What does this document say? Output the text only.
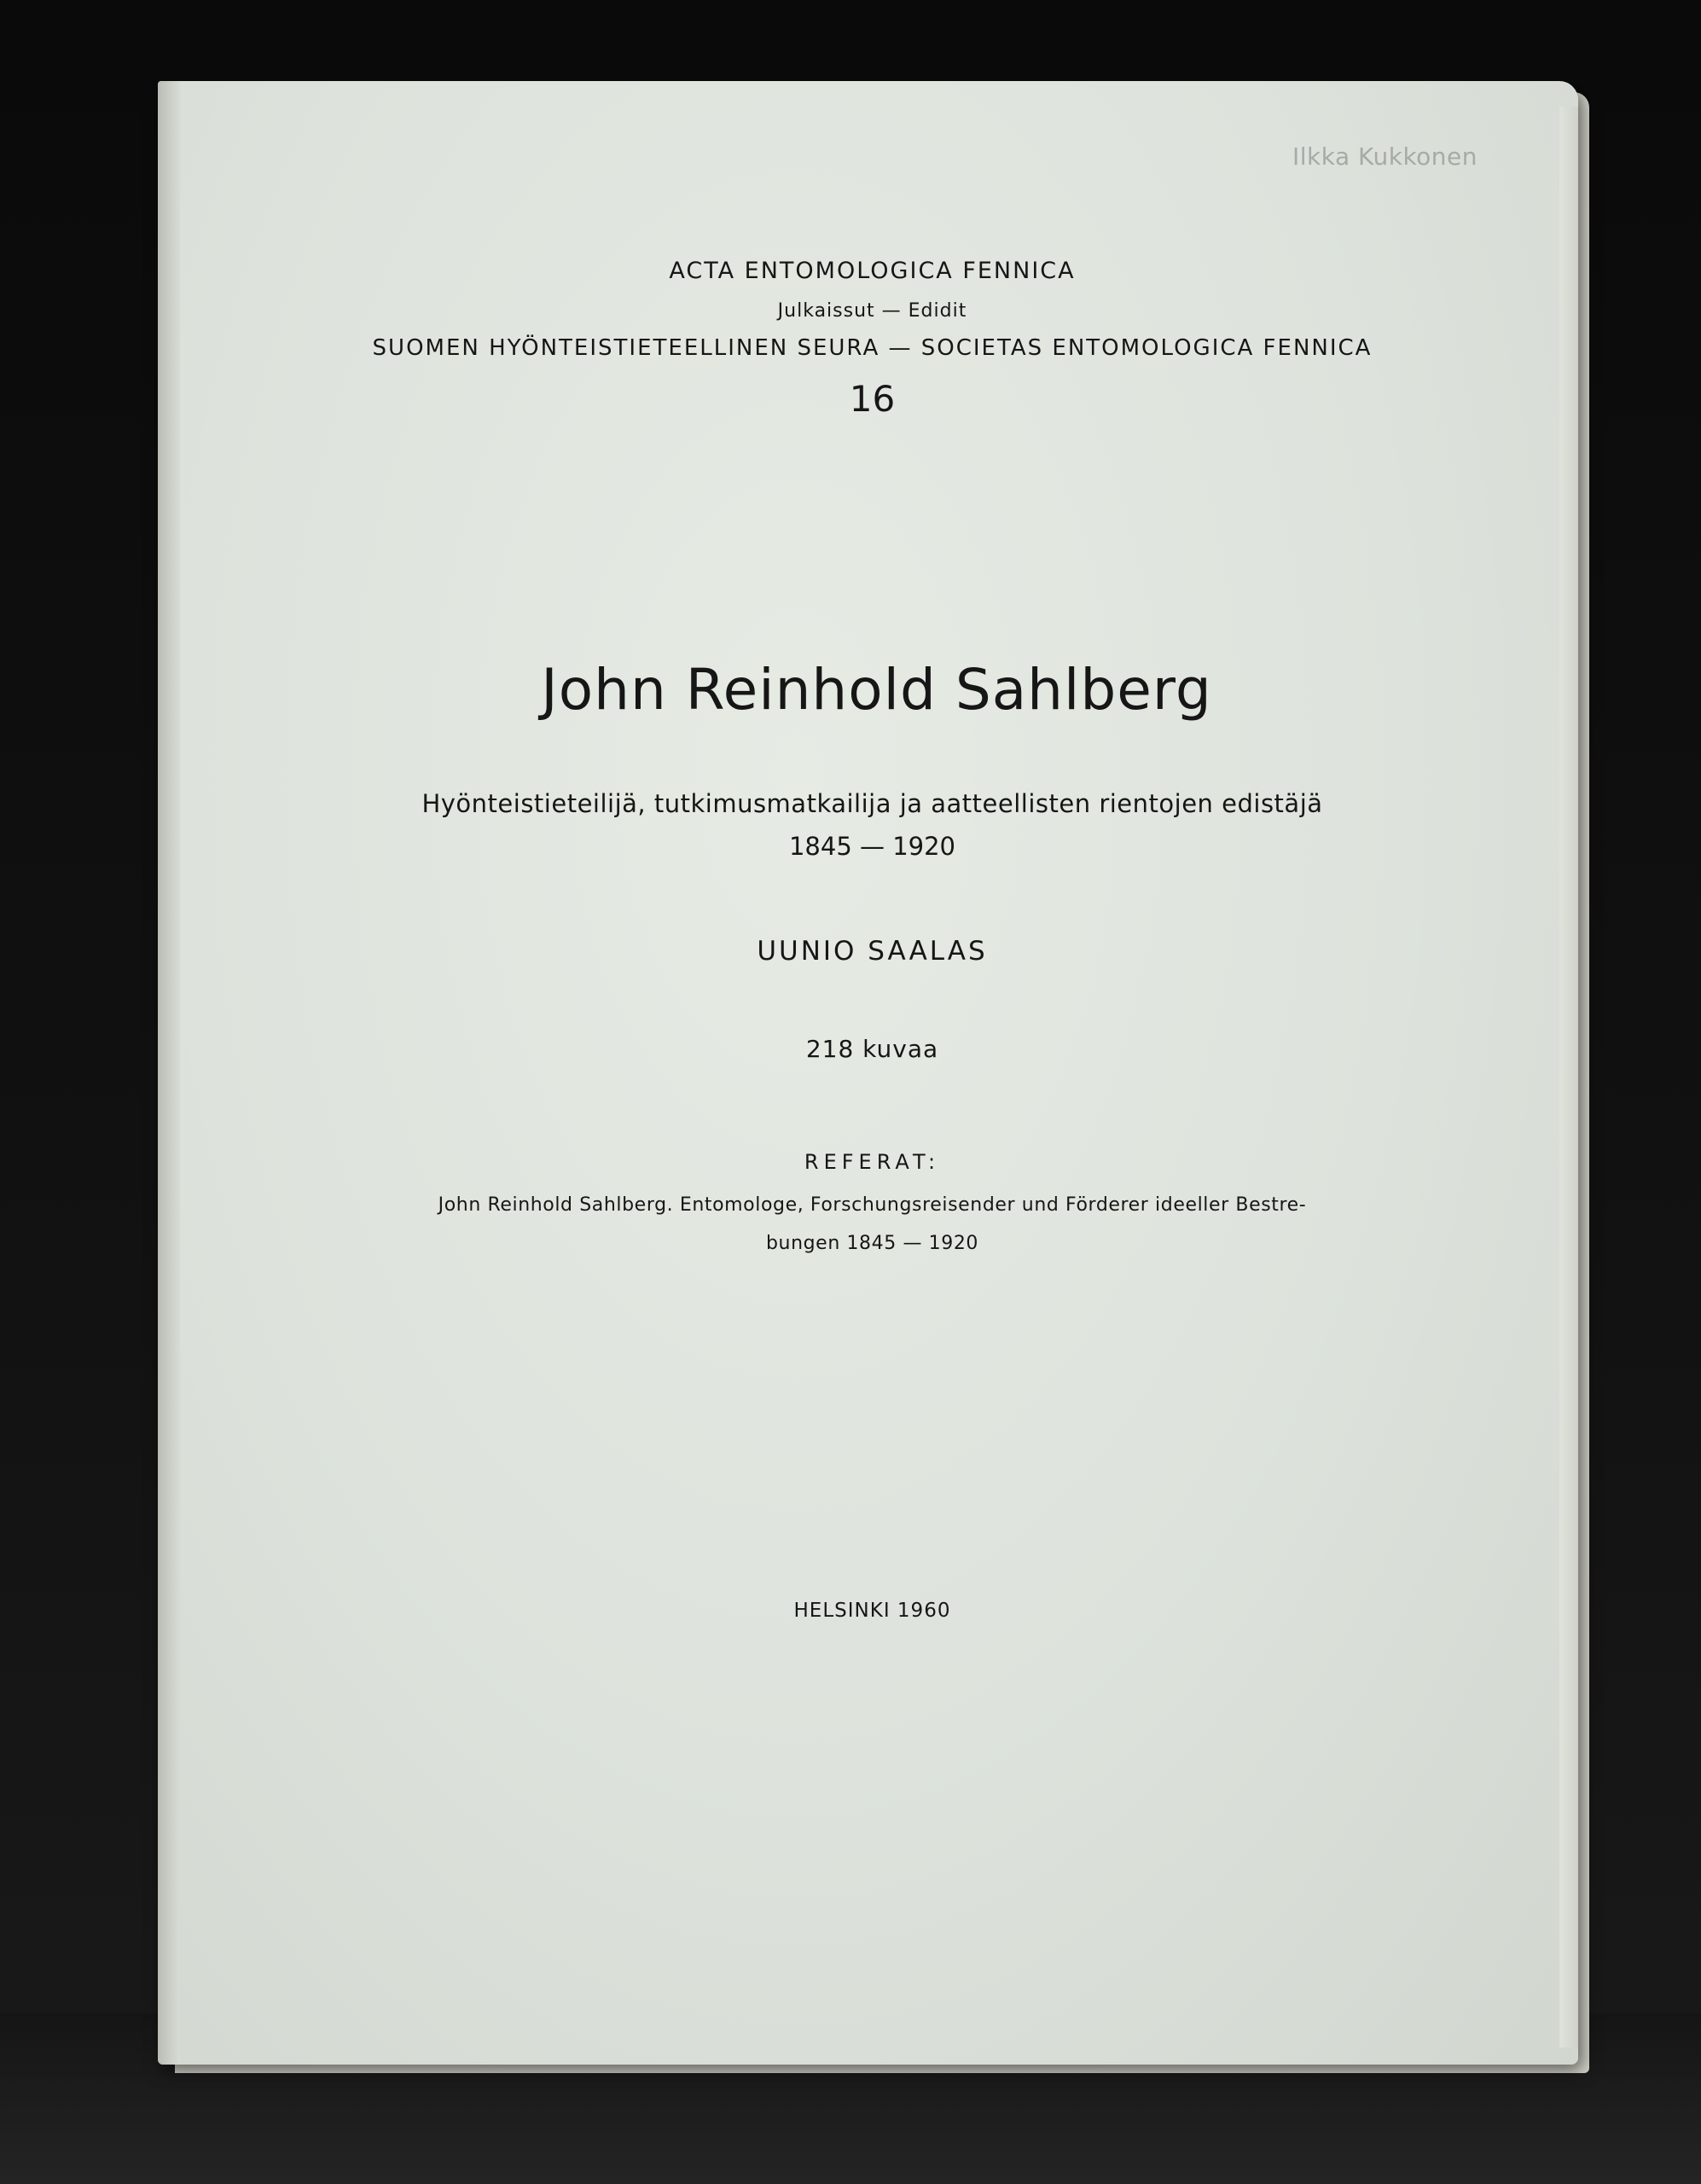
Ilkka Kukkonen
ACTA ENTOMOLOGICA FENNICA
Julkaissut — Edidit
SUOMEN HYÖNTEISTIETEELLINEN SEURA — SOCIETAS ENTOMOLOGICA FENNICA
16
John Reinhold Sahlberg
Hyönteistieteilijä, tutkimusmatkailija ja aatteellisten rientojen edistäjä
1845 — 1920
UUNIO SAALAS
218 kuvaa
REFERAT:
John Reinhold Sahlberg. Entomologe, Forschungsreisender und Förderer ideeller Bestre-
bungen 1845 — 1920
HELSINKI 1960
